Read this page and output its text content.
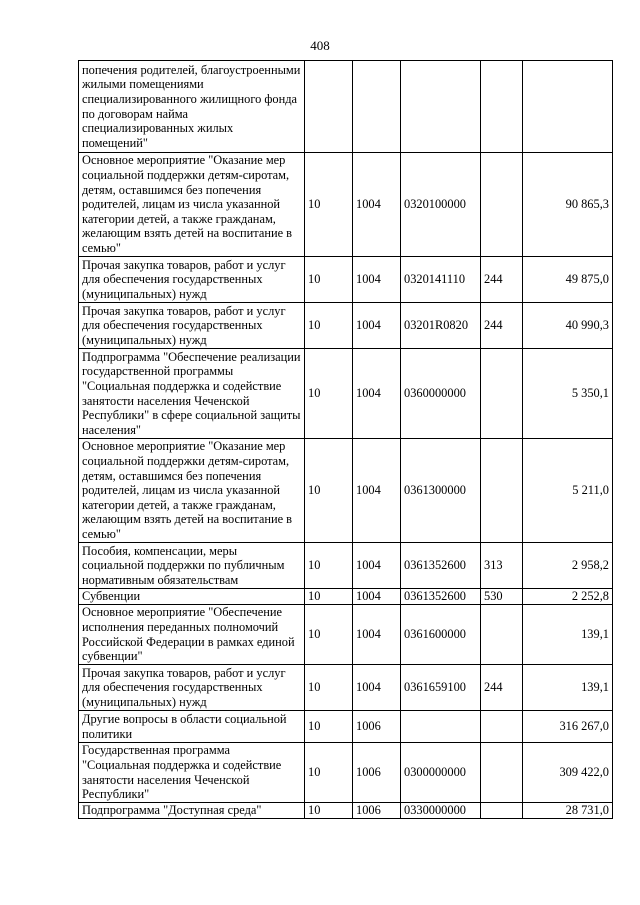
408
попечения родителей, благоустроенными жилыми помещениями специализированного жилищного фонда по договорам найма специализированных жилых помещений"					
Основное мероприятие "Оказание мер социальной поддержки детям-сиротам, детям, оставшимся без попечения родителей, лицам из числа указанной категории детей, а также гражданам, желающим взять детей на воспитание в семью"	10	1004	0320100000		90 865,3
Прочая закупка товаров, работ и услуг для обеспечения государственных (муниципальных) нужд	10	1004	0320141110	244	49 875,0
Прочая закупка товаров, работ и услуг для обеспечения государственных (муниципальных) нужд	10	1004	03201R0820	244	40 990,3
Подпрограмма "Обеспечение реализации государственной программы "Социальная поддержка и содействие занятости населения Чеченской Республики" в сфере социальной защиты населения"	10	1004	0360000000		5 350,1
Основное мероприятие "Оказание мер социальной поддержки детям-сиротам, детям, оставшимся без попечения родителей, лицам из числа указанной категории детей, а также гражданам, желающим взять детей на воспитание в семью"	10	1004	0361300000		5 211,0
Пособия, компенсации, меры социальной поддержки по публичным нормативным обязательствам	10	1004	0361352600	313	2 958,2
Субвенции	10	1004	0361352600	530	2 252,8
Основное мероприятие "Обеспечение исполнения переданных полномочий Российской Федерации в рамках единой субвенции"	10	1004	0361600000		139,1
Прочая закупка товаров, работ и услуг для обеспечения государственных (муниципальных) нужд	10	1004	0361659100	244	139,1
Другие вопросы в области социальной политики	10	1006			316 267,0
Государственная программа "Социальная поддержка и содействие занятости населения Чеченской Республики"	10	1006	0300000000		309 422,0
Подпрограмма "Доступная среда"	10	1006	0330000000		28 731,0
